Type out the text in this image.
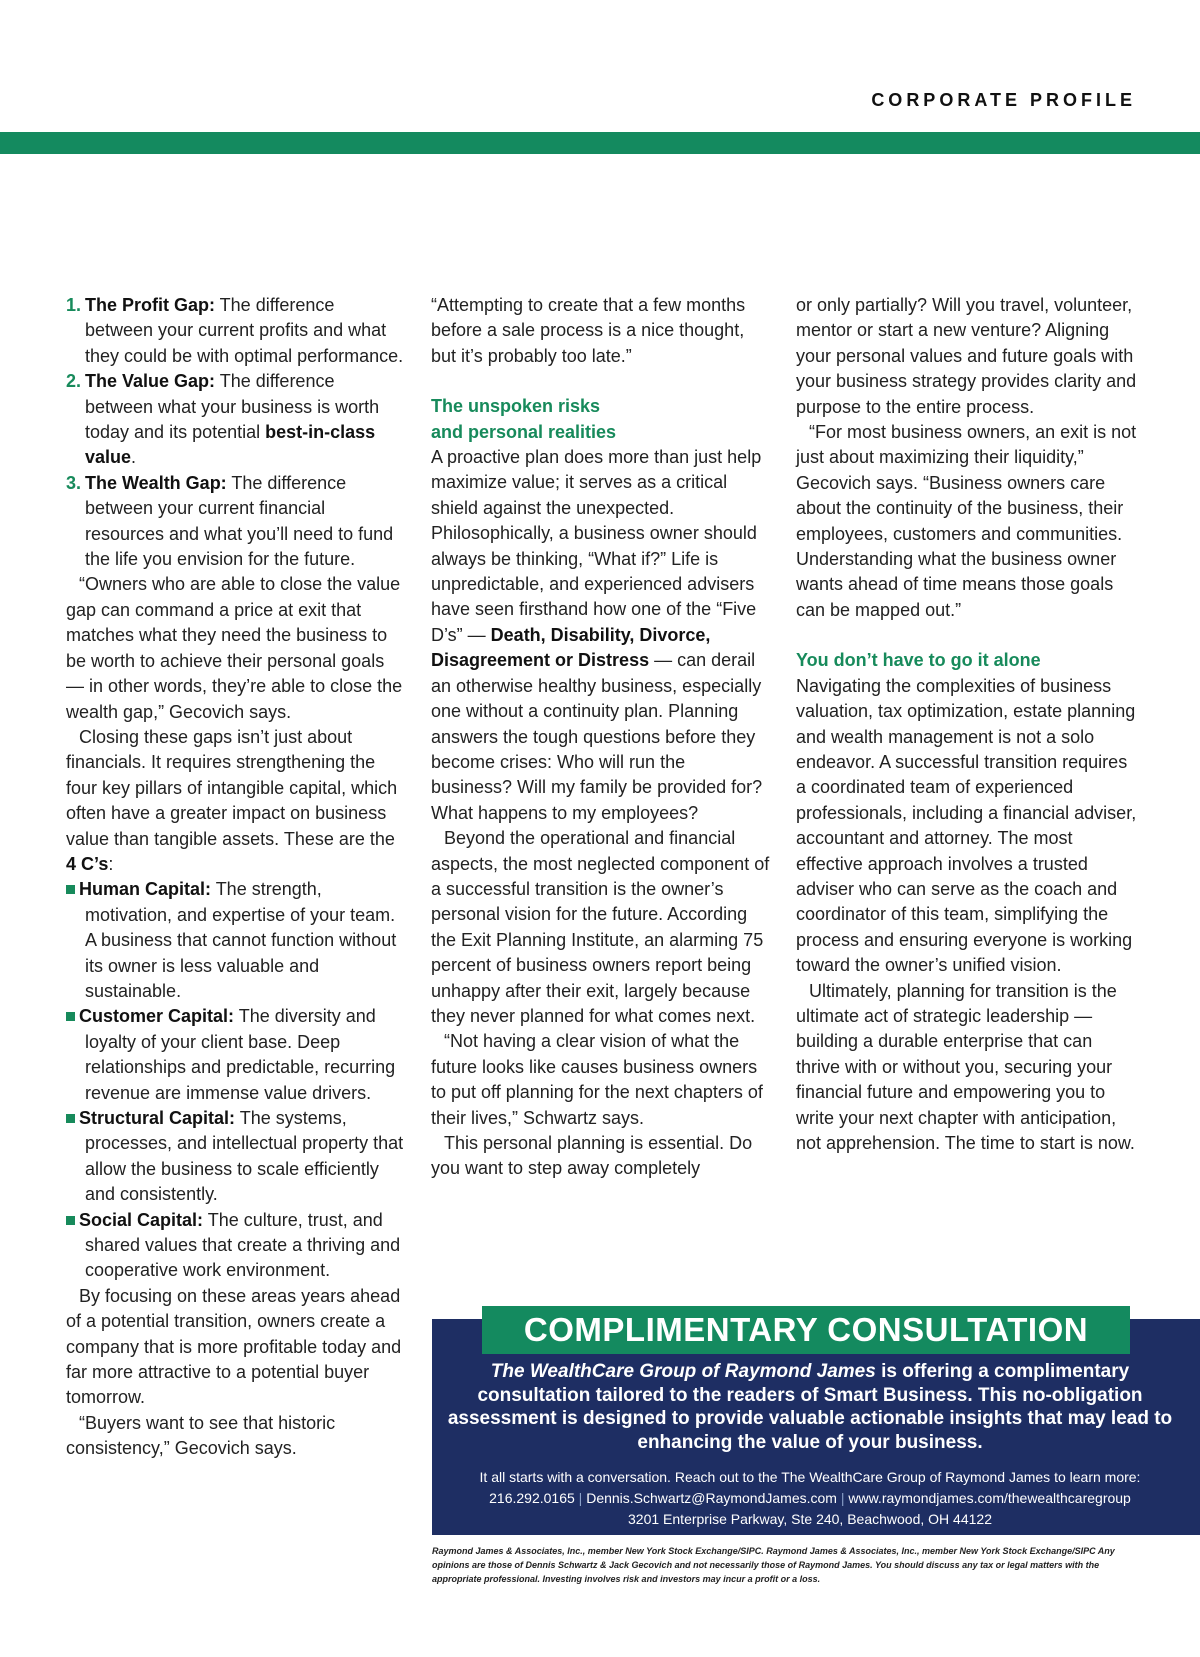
CORPORATE PROFILE
1. The Profit Gap: The difference between your current profits and what they could be with optimal performance.
2. The Value Gap: The difference between what your business is worth today and its potential best-in-class value.
3. The Wealth Gap: The difference between your current financial resources and what you’ll need to fund the life you envision for the future.

“Owners who are able to close the value gap can command a price at exit that matches what they need the business to be worth to achieve their personal goals — in other words, they’re able to close the wealth gap,” Gecovich says.

Closing these gaps isn’t just about financials. It requires strengthening the four key pillars of intangible capital, which often have a greater impact on business value than tangible assets. These are the 4 C’s:

Human Capital: The strength, motivation, and expertise of your team. A business that cannot function without its owner is less valuable and sustainable.
Customer Capital: The diversity and loyalty of your client base. Deep relationships and predictable, recurring revenue are immense value drivers.
Structural Capital: The systems, processes, and intellectual property that allow the business to scale efficiently and consistently.
Social Capital: The culture, trust, and shared values that create a thriving and cooperative work environment.

By focusing on these areas years ahead of a potential transition, owners create a company that is more profitable today and far more attractive to a potential buyer tomorrow.

“Buyers want to see that historic consistency,” Gecovich says.

“Attempting to create that a few months before a sale process is a nice thought, but it’s probably too late.”

The unspoken risks
and personal realities

A proactive plan does more than just help maximize value; it serves as a critical shield against the unexpected. Philosophically, a business owner should always be thinking, “What if?” Life is unpredictable, and experienced advisers have seen firsthand how one of the “Five D’s” — Death, Disability, Divorce, Disagreement or Distress — can derail an otherwise healthy business, especially one without a continuity plan. Planning answers the tough questions before they become crises: Who will run the business? Will my family be provided for? What happens to my employees?

Beyond the operational and financial aspects, the most neglected component of a successful transition is the owner’s personal vision for the future. According the Exit Planning Institute, an alarming 75 percent of business owners report being unhappy after their exit, largely because they never planned for what comes next.

“Not having a clear vision of what the future looks like causes business owners to put off planning for the next chapters of their lives,” Schwartz says.

This personal planning is essential. Do you want to step away completely

or only partially? Will you travel, volunteer, mentor or start a new venture? Aligning your personal values and future goals with your business strategy provides clarity and purpose to the entire process.

“For most business owners, an exit is not just about maximizing their liquidity,” Gecovich says. “Business owners care about the continuity of the business, their employees, customers and communities. Understanding what the business owner wants ahead of time means those goals can be mapped out.”

You don’t have to go it alone

Navigating the complexities of business valuation, tax optimization, estate planning and wealth management is not a solo endeavor. A successful transition requires a coordinated team of experienced professionals, including a financial adviser, accountant and attorney. The most effective approach involves a trusted adviser who can serve as the coach and coordinator of this team, simplifying the process and ensuring everyone is working toward the owner’s unified vision.

Ultimately, planning for transition is the ultimate act of strategic leadership — building a durable enterprise that can thrive with or without you, securing your financial future and empowering you to write your next chapter with anticipation, not apprehension. The time to start is now.

COMPLIMENTARY CONSULTATION
The WealthCare Group of Raymond James is offering a complimentary consultation tailored to the readers of Smart Business. This no-obligation assessment is designed to provide valuable actionable insights that may lead to enhancing the value of your business.
It all starts with a conversation. Reach out to the The WealthCare Group of Raymond James to learn more:
216.292.0165 | Dennis.Schwartz@RaymondJames.com | www.raymondjames.com/thewealthcaregroup
3201 Enterprise Parkway, Ste 240, Beachwood, OH 44122
Raymond James & Associates, Inc., member New York Stock Exchange/SIPC. Raymond James & Associates, Inc., member New York Stock Exchange/SIPC Any opinions are those of Dennis Schwartz & Jack Gecovich and not necessarily those of Raymond James. You should discuss any tax or legal matters with the appropriate professional. Investing involves risk and investors may incur a profit or a loss.
